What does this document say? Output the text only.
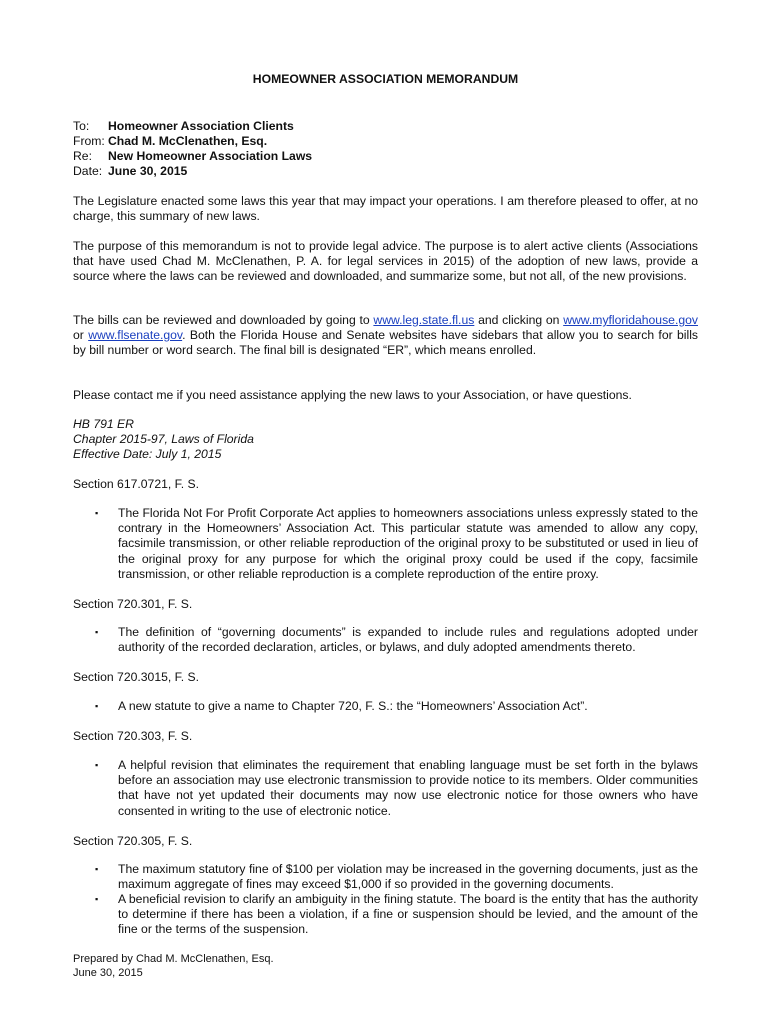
HOMEOWNER ASSOCIATION MEMORANDUM
To: Homeowner Association Clients
From: Chad M. McClenathen, Esq.
Re: New Homeowner Association Laws
Date: June 30, 2015

The Legislature enacted some laws this year that may impact your operations. I am therefore pleased to offer, at no charge, this summary of new laws.

The purpose of this memorandum is not to provide legal advice. The purpose is to alert active clients (Associations that have used Chad M. McClenathen, P. A. for legal services in 2015) of the adoption of new laws, provide a source where the laws can be reviewed and downloaded, and summarize some, but not all, of the new provisions.

The bills can be reviewed and downloaded by going to www.leg.state.fl.us and clicking on www.myfloridahouse.gov or www.flsenate.gov. Both the Florida House and Senate websites have sidebars that allow you to search for bills by bill number or word search. The final bill is designated “ER”, which means enrolled.

Please contact me if you need assistance applying the new laws to your Association, or have questions.

HB 791 ER
Chapter 2015-97, Laws of Florida
Effective Date: July 1, 2015
Section 617.0721, F. S.
▪ The Florida Not For Profit Corporate Act applies to homeowners associations unless expressly stated to the contrary in the Homeowners’ Association Act. This particular statute was amended to allow any copy, facsimile transmission, or other reliable reproduction of the original proxy to be substituted or used in lieu of the original proxy for any purpose for which the original proxy could be used if the copy, facsimile transmission, or other reliable reproduction is a complete reproduction of the entire proxy.
Section 720.301, F. S.
▪ The definition of “governing documents” is expanded to include rules and regulations adopted under authority of the recorded declaration, articles, or bylaws, and duly adopted amendments thereto.
Section 720.3015, F. S.
▪ A new statute to give a name to Chapter 720, F. S.: the “Homeowners’ Association Act”.
Section 720.303, F. S.
▪ A helpful revision that eliminates the requirement that enabling language must be set forth in the bylaws before an association may use electronic transmission to provide notice to its members. Older communities that have not yet updated their documents may now use electronic notice for those owners who have consented in writing to the use of electronic notice.
Section 720.305, F. S.
▪ The maximum statutory fine of $100 per violation may be increased in the governing documents, just as the maximum aggregate of fines may exceed $1,000 if so provided in the governing documents.
▪ A beneficial revision to clarify an ambiguity in the fining statute. The board is the entity that has the authority to determine if there has been a violation, if a fine or suspension should be levied, and the amount of the fine or the terms of the suspension.
Prepared by Chad M. McClenathen, Esq.
June 30, 2015
